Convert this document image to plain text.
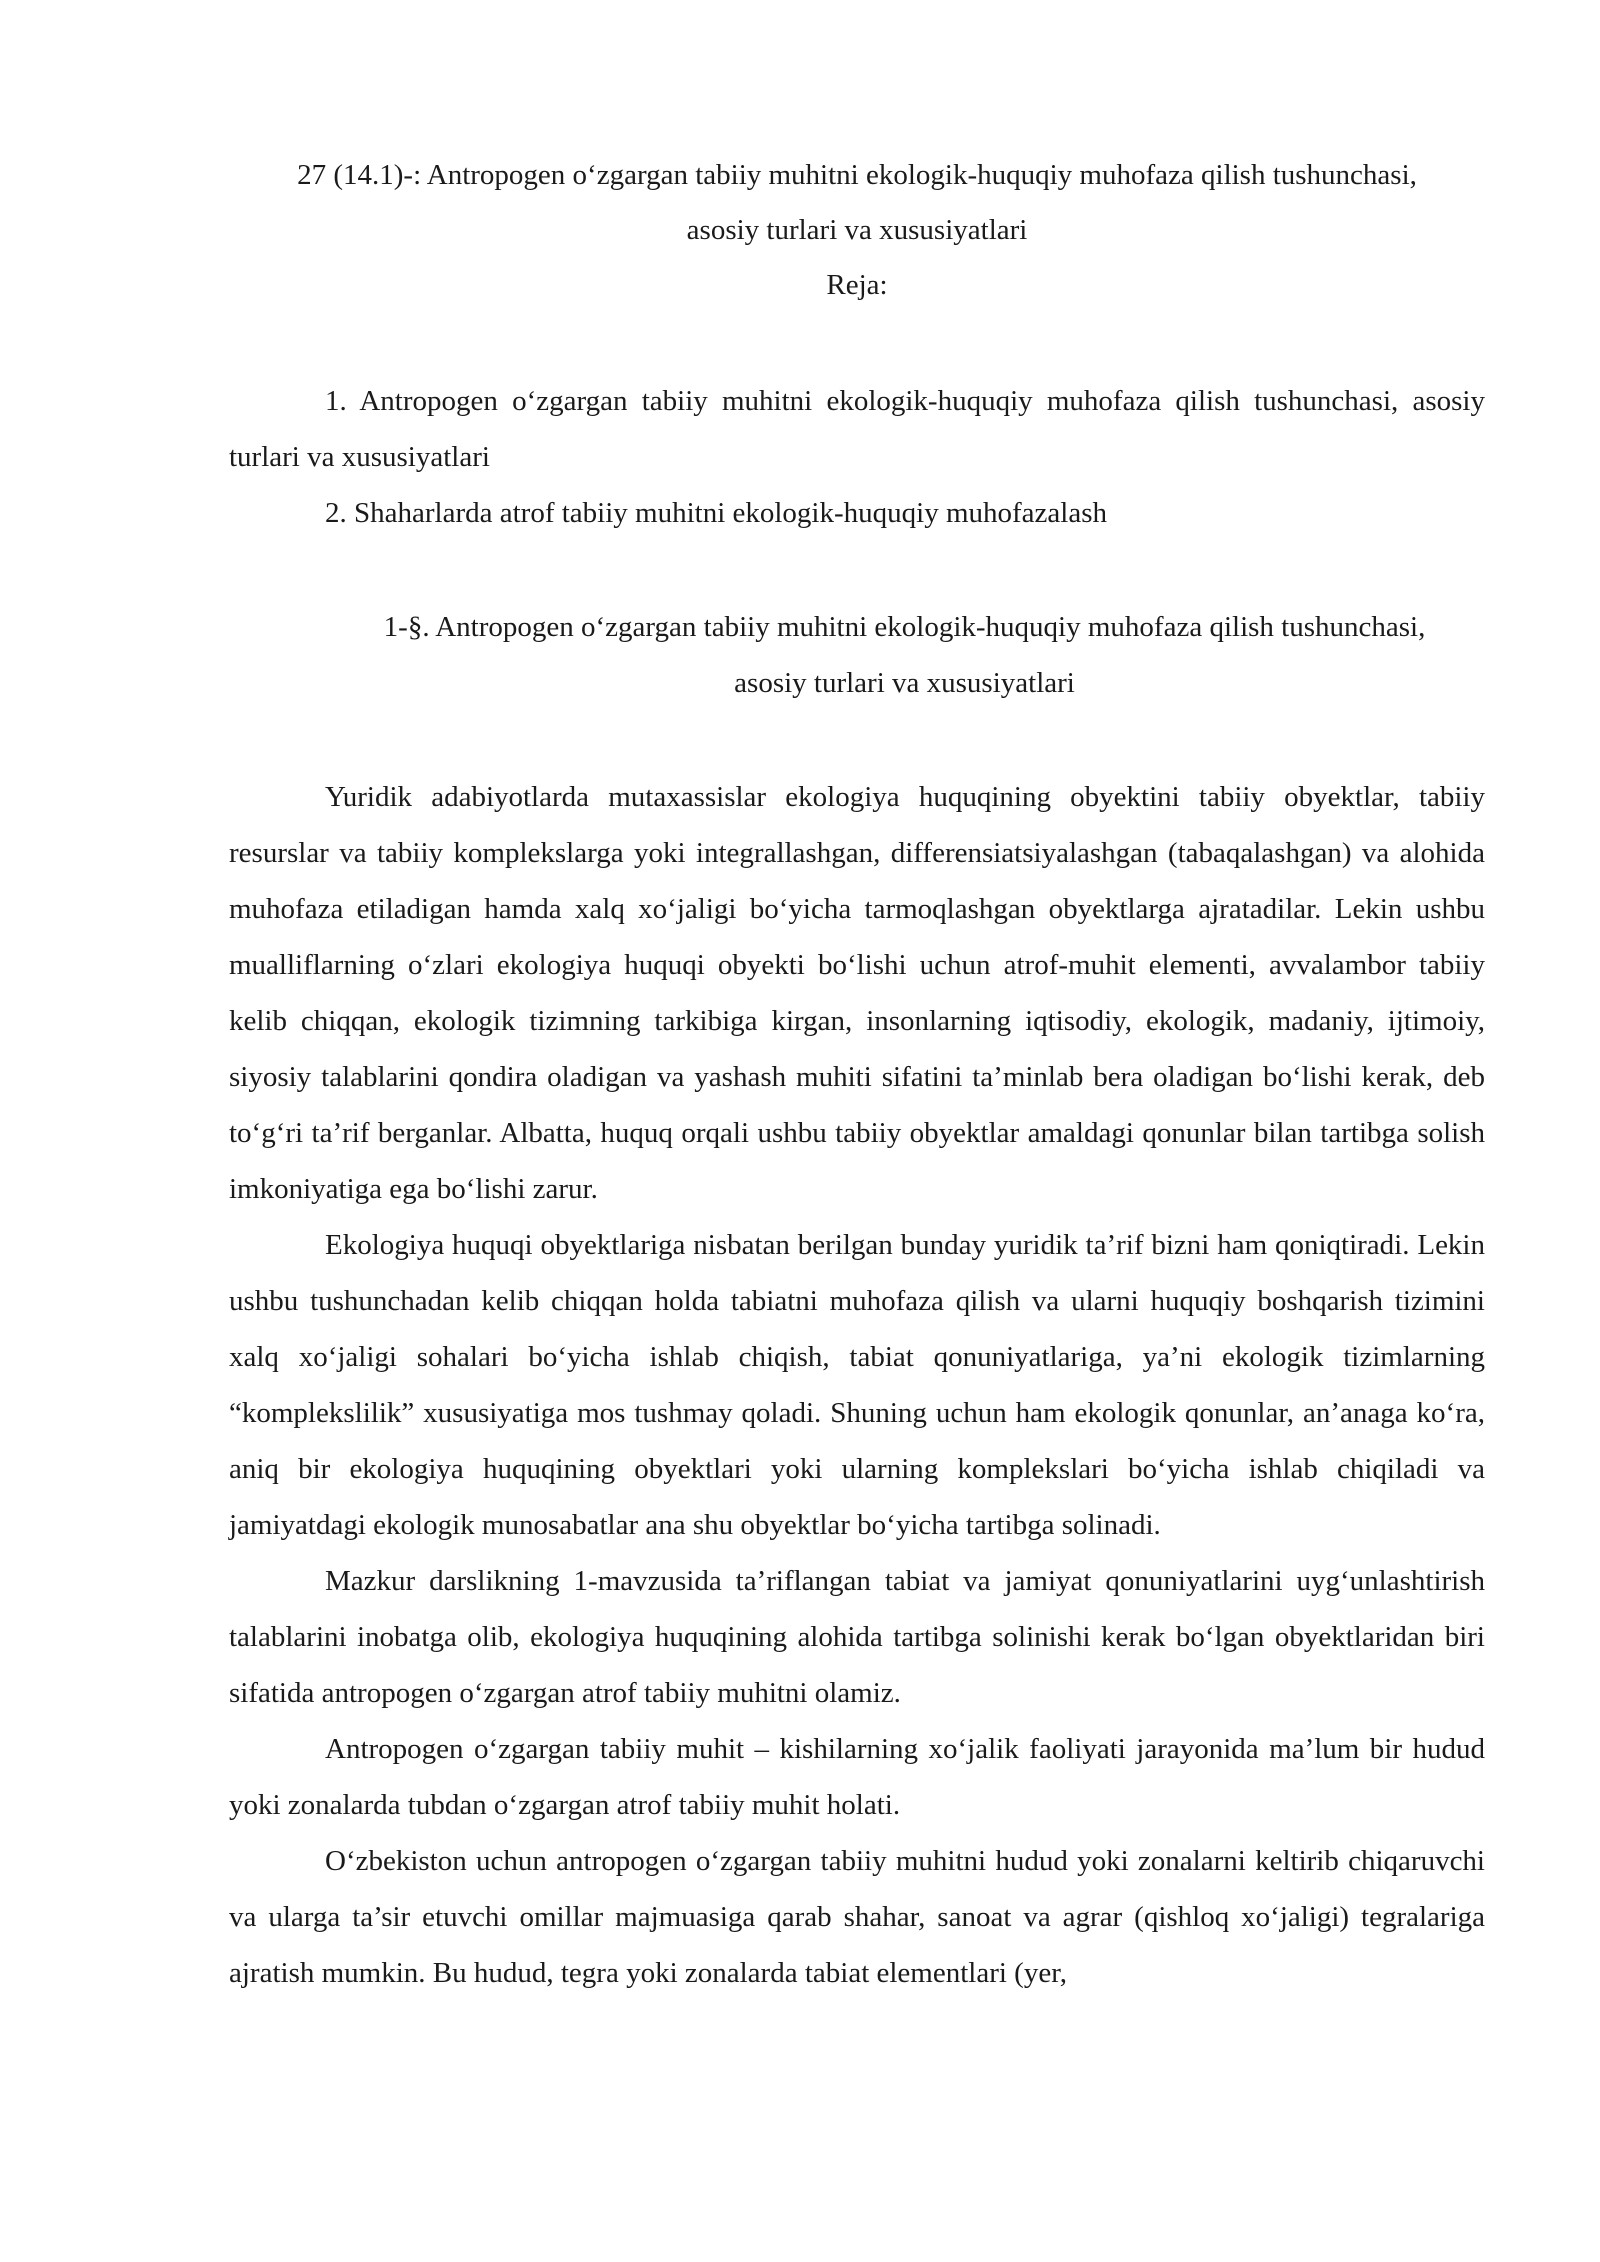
27 (14.1)-: Antropogen o‘zgargan tabiiy muhitni ekologik-huquqiy muhofaza qilish tushunchasi,
asosiy turlari va xususiyatlari
Reja:

1. Antropogen o‘zgargan tabiiy muhitni ekologik-huquqiy muhofaza qilish tushunchasi, asosiy turlari va xususiyatlari

2. Shaharlarda atrof tabiiy muhitni ekologik-huquqiy muhofazalash

1-§. Antropogen o‘zgargan tabiiy muhitni ekologik-huquqiy muhofaza qilish tushunchasi,
asosiy turlari va xususiyatlari

Yuridik adabiyotlarda mutaxassislar ekologiya huquqining obyektini tabiiy obyektlar, tabiiy resurslar va tabiiy komplekslarga yoki integrallashgan, differensiatsiyalashgan (tabaqalashgan) va alohida muhofaza etiladigan hamda xalq xo‘jaligi bo‘yicha tarmoqlashgan obyektlarga ajratadilar. Lekin ushbu mualliflarning o‘zlari ekologiya huquqi obyekti bo‘lishi uchun atrof-muhit elementi, avvalambor tabiiy kelib chiqqan, ekologik tizimning tarkibiga kirgan, insonlarning iqtisodiy, ekologik, madaniy, ijtimoiy, siyosiy talablarini qondira oladigan va yashash muhiti sifatini ta’minlab bera oladigan bo‘lishi kerak, deb to‘g‘ri ta’rif berganlar. Albatta, huquq orqali ushbu tabiiy obyektlar amaldagi qonunlar bilan tartibga solish imkoniyatiga ega bo‘lishi zarur.

Ekologiya huquqi obyektlariga nisbatan berilgan bunday yuridik ta’rif bizni ham qoniqtiradi. Lekin ushbu tushunchadan kelib chiqqan holda tabiatni muhofaza qilish va ularni huquqiy boshqarish tizimini xalq xo‘jaligi sohalari bo‘yicha ishlab chiqish, tabiat qonuniyatlariga, ya’ni ekologik tizimlarning “komplekslilik” xususiyatiga mos tushmay qoladi. Shuning uchun ham ekologik qonunlar, an’anaga ko‘ra, aniq bir ekologiya huquqining obyektlari yoki ularning komplekslari bo‘yicha ishlab chiqiladi va jamiyatdagi ekologik munosabatlar ana shu obyektlar bo‘yicha tartibga solinadi.

Mazkur darslikning 1-mavzusida ta’riflangan tabiat va jamiyat qonuniyatlarini uyg‘unlashtirish talablarini inobatga olib, ekologiya huquqining alohida tartibga solinishi kerak bo‘lgan obyektlaridan biri sifatida antropogen o‘zgargan atrof tabiiy muhitni olamiz.

Antropogen o‘zgargan tabiiy muhit – kishilarning xo‘jalik faoliyati jarayonida ma’lum bir hudud yoki zonalarda tubdan o‘zgargan atrof tabiiy muhit holati.

O‘zbekiston uchun antropogen o‘zgargan tabiiy muhitni hudud yoki zonalarni keltirib chiqaruvchi va ularga ta’sir etuvchi omillar majmuasiga qarab shahar, sanoat va agrar (qishloq xo‘jaligi) tegralariga ajratish mumkin. Bu hudud, tegra yoki zonalarda tabiat elementlari (yer,
